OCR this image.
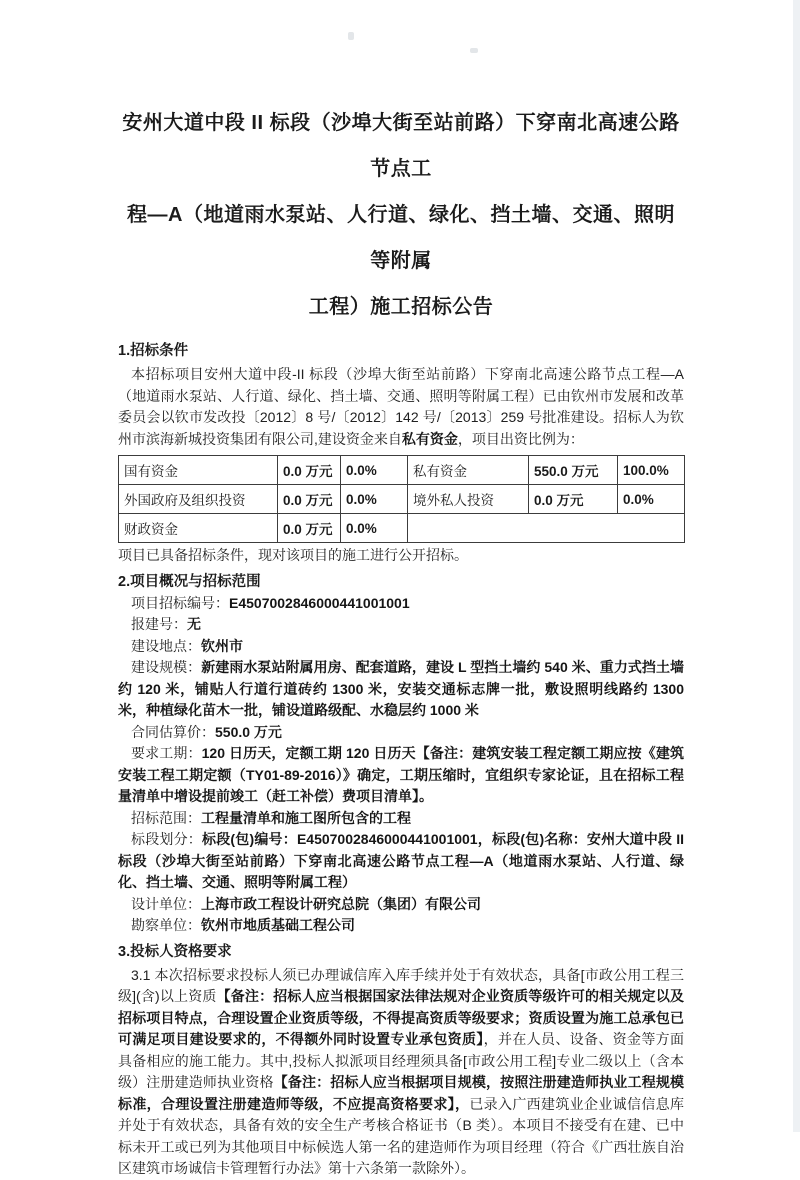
安州大道中段 II 标段（沙埠大街至站前路）下穿南北高速公路节点工
程—A（地道雨水泵站、人行道、绿化、挡土墙、交通、照明等附属
工程）施工招标公告
1.招标条件

本招标项目安州大道中段-II 标段（沙埠大街至站前路）下穿南北高速公路节点工程—A（地道雨水泵站、人行道、绿化、挡土墙、交通、照明等附属工程）已由钦州市发展和改革委员会以钦市发改投〔2012〕8 号/〔2012〕142 号/〔2013〕259 号批准建设。招标人为钦州市滨海新城投资集团有限公司,建设资金来自私有资金，项目出资比例为：

国有资金	0.0 万元	0.0%	私有资金	550.0 万元	100.0%
外国政府及组织投资	0.0 万元	0.0%	境外私人投资	0.0 万元	0.0%
财政资金	0.0 万元	0.0%			

项目已具备招标条件，现对该项目的施工进行公开招标。

2.项目概况与招标范围

项目招标编号：E4507002846000441001001

报建号：无

建设地点：钦州市

建设规模：新建雨水泵站附属用房、配套道路，建设 L 型挡土墙约 540 米、重力式挡土墙约 120 米，铺贴人行道行道砖约 1300 米，安装交通标志牌一批，敷设照明线路约 1300 米，种植绿化苗木一批，铺设道路级配、水稳层约 1000 米

合同估算价：550.0 万元

要求工期：120 日历天，定额工期 120 日历天【备注：建筑安装工程定额工期应按《建筑安装工程工期定额（TY01-89-2016）》确定，工期压缩时，宜组织专家论证，且在招标工程量清单中增设提前竣工（赶工补偿）费项目清单】。

招标范围：工程量清单和施工图所包含的工程

标段划分：标段(包)编号：E4507002846000441001001，标段(包)名称：安州大道中段 II 标段（沙埠大街至站前路）下穿南北高速公路节点工程—A（地道雨水泵站、人行道、绿化、挡土墙、交通、照明等附属工程）

设计单位：上海市政工程设计研究总院（集团）有限公司

勘察单位：钦州市地质基础工程公司

3.投标人资格要求

3.1 本次招标要求投标人须已办理诚信库入库手续并处于有效状态，具备[市政公用工程三级](含)以上资质【备注：招标人应当根据国家法律法规对企业资质等级许可的相关规定以及招标项目特点，合理设置企业资质等级，不得提高资质等级要求；资质设置为施工总承包已可满足项目建设要求的，不得额外同时设置专业承包资质】，并在人员、设备、资金等方面具备相应的施工能力。其中,投标人拟派项目经理须具备[市政公用工程]专业二级以上（含本级）注册建造师执业资格【备注：招标人应当根据项目规模，按照注册建造师执业工程规模标准，合理设置注册建造师等级，不应提高资格要求】，已录入广西建筑业企业诚信信息库并处于有效状态，具备有效的安全生产考核合格证书（B 类）。本项目不接受有在建、已中标未开工或已列为其他项目中标候选人第一名的建造师作为项目经理（符合《广西壮族自治区建筑市场诚信卡管理暂行办法》第十六条第一款除外）。
